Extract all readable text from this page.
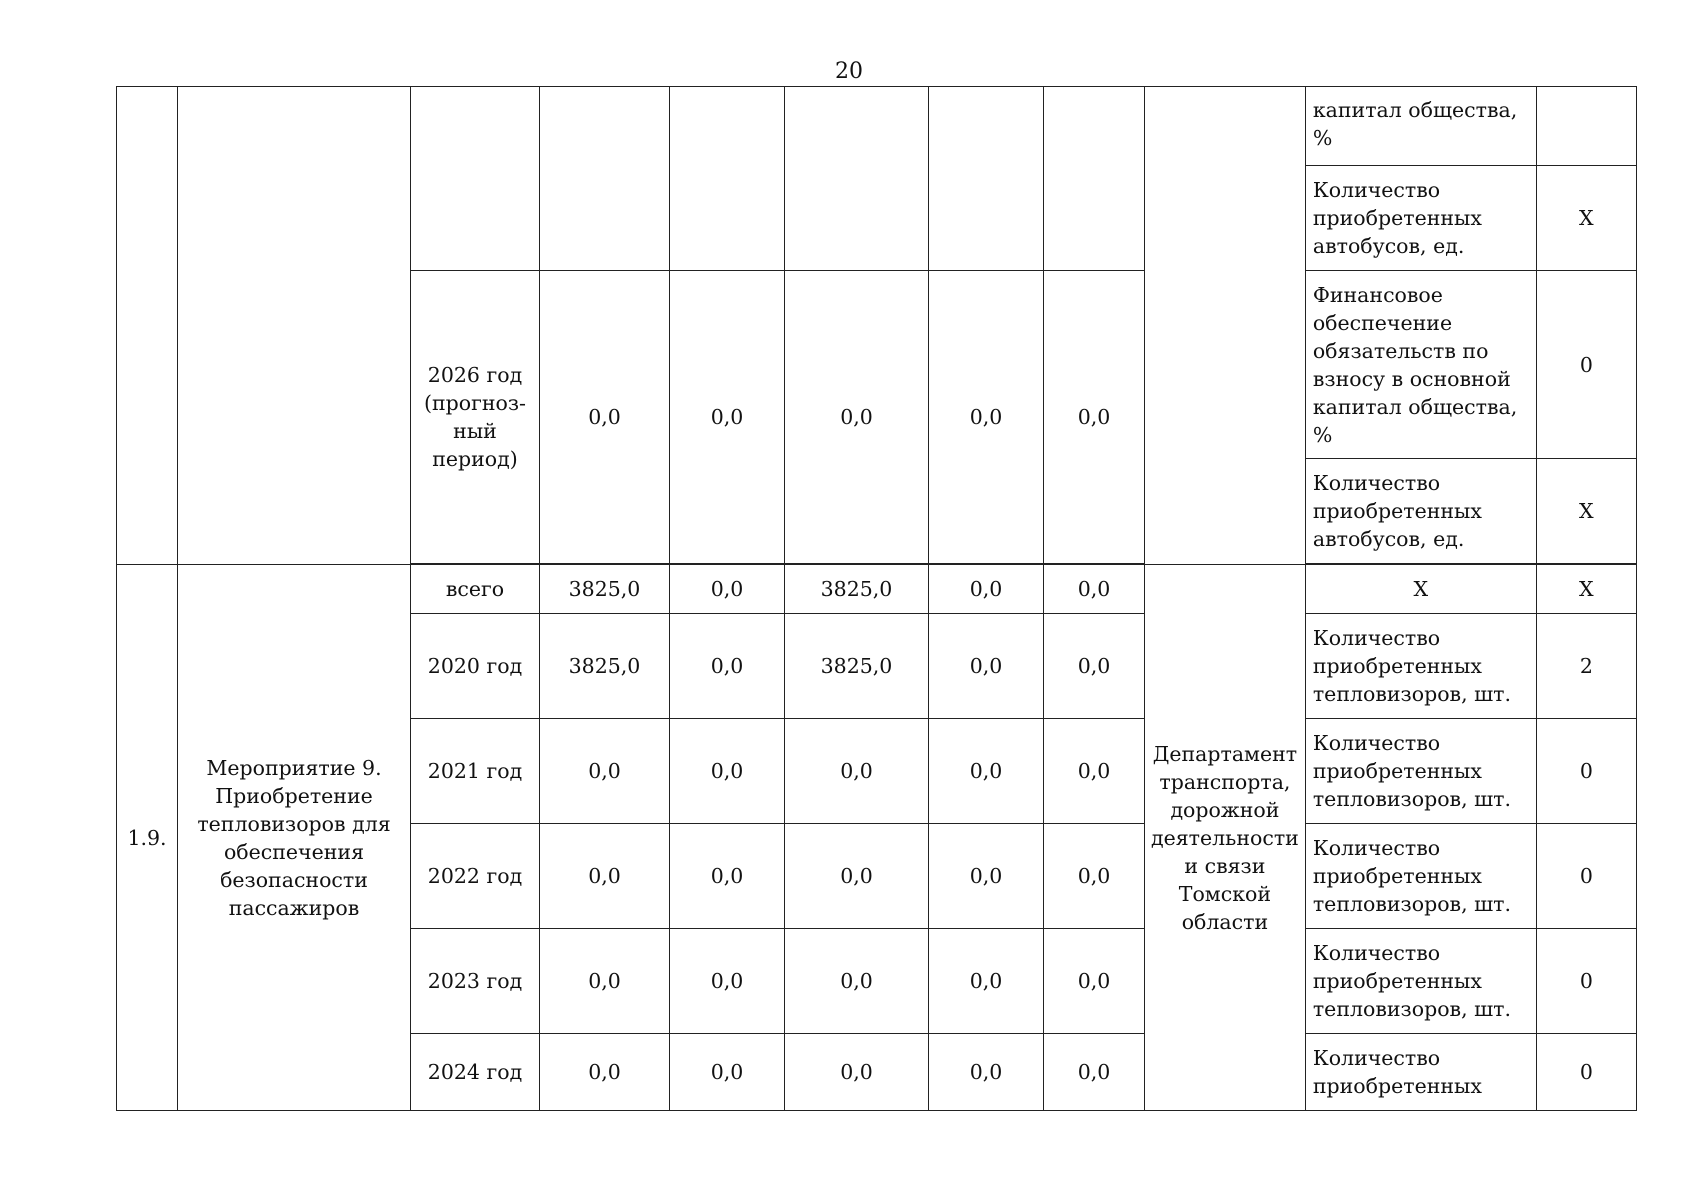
20
									капитал общества, %	
									Количество приобретенных автобусов, ед.	Х
		2026 год (прогноз-ный период)	0,0	0,0	0,0	0,0	0,0		Финансовое обеспечение обязательств по взносу в основной капитал общества, %	0
									Количество приобретенных автобусов, ед.	Х

1.9.	Мероприятие 9. Приобретение тепловизоров для обеспечения безопасности пассажиров	всего	3825,0	0,0	3825,0	0,0	0,0	Департамент транспорта, дорожной деятельности и связи Томской области	Х	Х
		2020 год	3825,0	0,0	3825,0	0,0	0,0		Количество приобретенных тепловизоров, шт.	2
		2021 год	0,0	0,0	0,0	0,0	0,0		Количество приобретенных тепловизоров, шт.	0
		2022 год	0,0	0,0	0,0	0,0	0,0		Количество приобретенных тепловизоров, шт.	0
		2023 год	0,0	0,0	0,0	0,0	0,0		Количество приобретенных тепловизоров, шт.	0
		2024 год	0,0	0,0	0,0	0,0	0,0		Количество приобретенных	0
